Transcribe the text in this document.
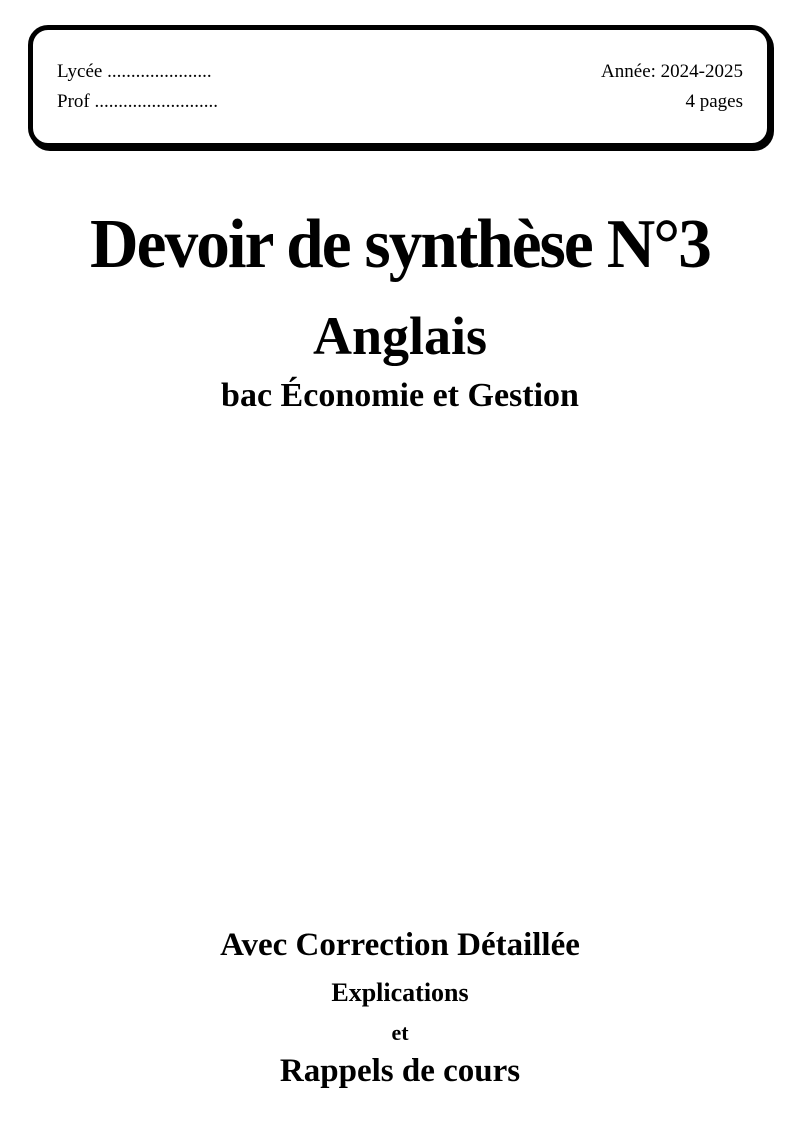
Lycée ......................
Prof ..........................
Année: 2024-2025
4 pages
Devoir de synthèse N°3
Anglais
bac Économie et Gestion
Avec Correction Détaillée
Explications
et
Rappels de cours
